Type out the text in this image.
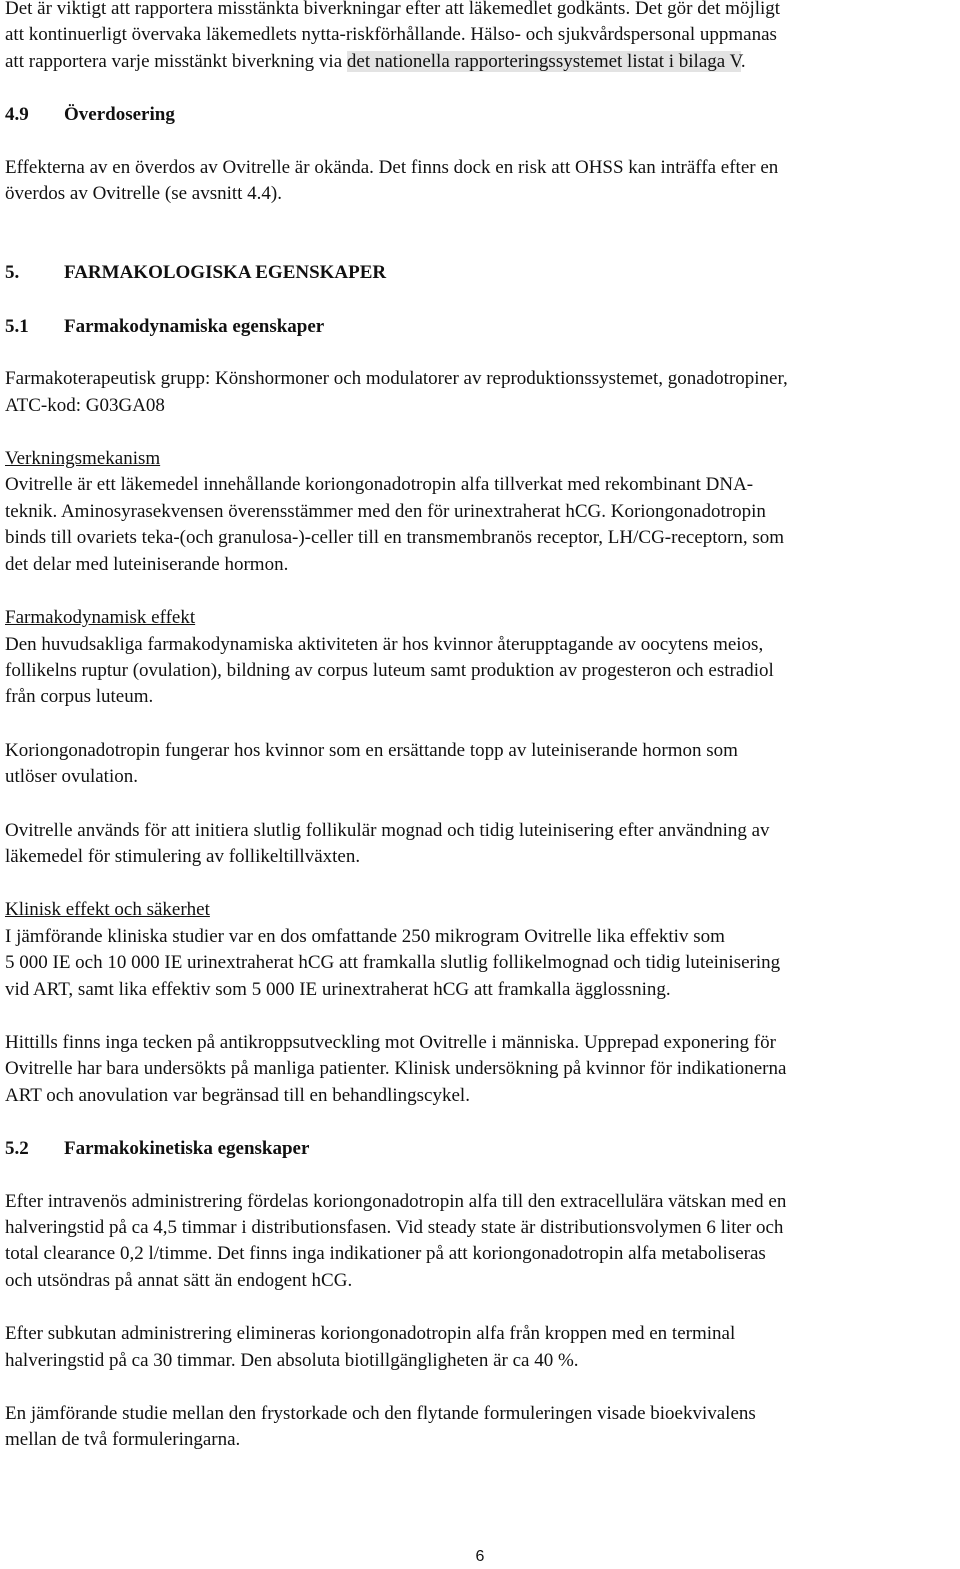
Det är viktigt att rapportera misstänkta biverkningar efter att läkemedlet godkänts. Det gör det möjligt
att kontinuerligt övervaka läkemedlets nytta-riskförhållande. Hälso- och sjukvårdspersonal uppmanas
att rapportera varje misstänkt biverkning via det nationella rapporteringssystemet listat i bilaga V.

4.9 Överdosering

Effekterna av en överdos av Ovitrelle är okända. Det finns dock en risk att OHSS kan inträffa efter en
överdos av Ovitrelle (se avsnitt 4.4).

5. FARMAKOLOGISKA EGENSKAPER
5.1 Farmakodynamiska egenskaper

Farmakoterapeutisk grupp: Könshormoner och modulatorer av reproduktionssystemet, gonadotropiner,
ATC-kod: G03GA08

Verkningsmekanism

Ovitrelle är ett läkemedel innehållande koriongonadotropin alfa tillverkat med rekombinant DNA-
teknik. Aminosyrasekvensen överensstämmer med den för urinextraherat hCG. Koriongonadotropin
binds till ovariets teka-(och granulosa-)-celler till en transmembranös receptor, LH/CG-receptorn, som
det delar med luteiniserande hormon.

Farmakodynamisk effekt

Den huvudsakliga farmakodynamiska aktiviteten är hos kvinnor återupptagande av oocytens meios,
follikelns ruptur (ovulation), bildning av corpus luteum samt produktion av progesteron och estradiol
från corpus luteum.

Koriongonadotropin fungerar hos kvinnor som en ersättande topp av luteiniserande hormon som
utlöser ovulation.

Ovitrelle används för att initiera slutlig follikulär mognad och tidig luteinisering efter användning av
läkemedel för stimulering av follikeltillväxten.

Klinisk effekt och säkerhet

I jämförande kliniska studier var en dos omfattande 250 mikrogram Ovitrelle lika effektiv som
5 000 IE och 10 000 IE urinextraherat hCG att framkalla slutlig follikelmognad och tidig luteinisering
vid ART, samt lika effektiv som 5 000 IE urinextraherat hCG att framkalla ägglossning.

Hittills finns inga tecken på antikroppsutveckling mot Ovitrelle i människa. Upprepad exponering för
Ovitrelle har bara undersökts på manliga patienter. Klinisk undersökning på kvinnor för indikationerna
ART och anovulation var begränsad till en behandlingscykel.

5.2 Farmakokinetiska egenskaper

Efter intravenös administrering fördelas koriongonadotropin alfa till den extracellulära vätskan med en
halveringstid på ca 4,5 timmar i distributionsfasen. Vid steady state är distributionsvolymen 6 liter och
total clearance 0,2 l/timme. Det finns inga indikationer på att koriongonadotropin alfa metaboliseras
och utsöndras på annat sätt än endogent hCG.

Efter subkutan administrering elimineras koriongonadotropin alfa från kroppen med en terminal
halveringstid på ca 30 timmar. Den absoluta biotillgängligheten är ca 40 %.

En jämförande studie mellan den frystorkade och den flytande formuleringen visade bioekvivalens
mellan de två formuleringarna.

6
